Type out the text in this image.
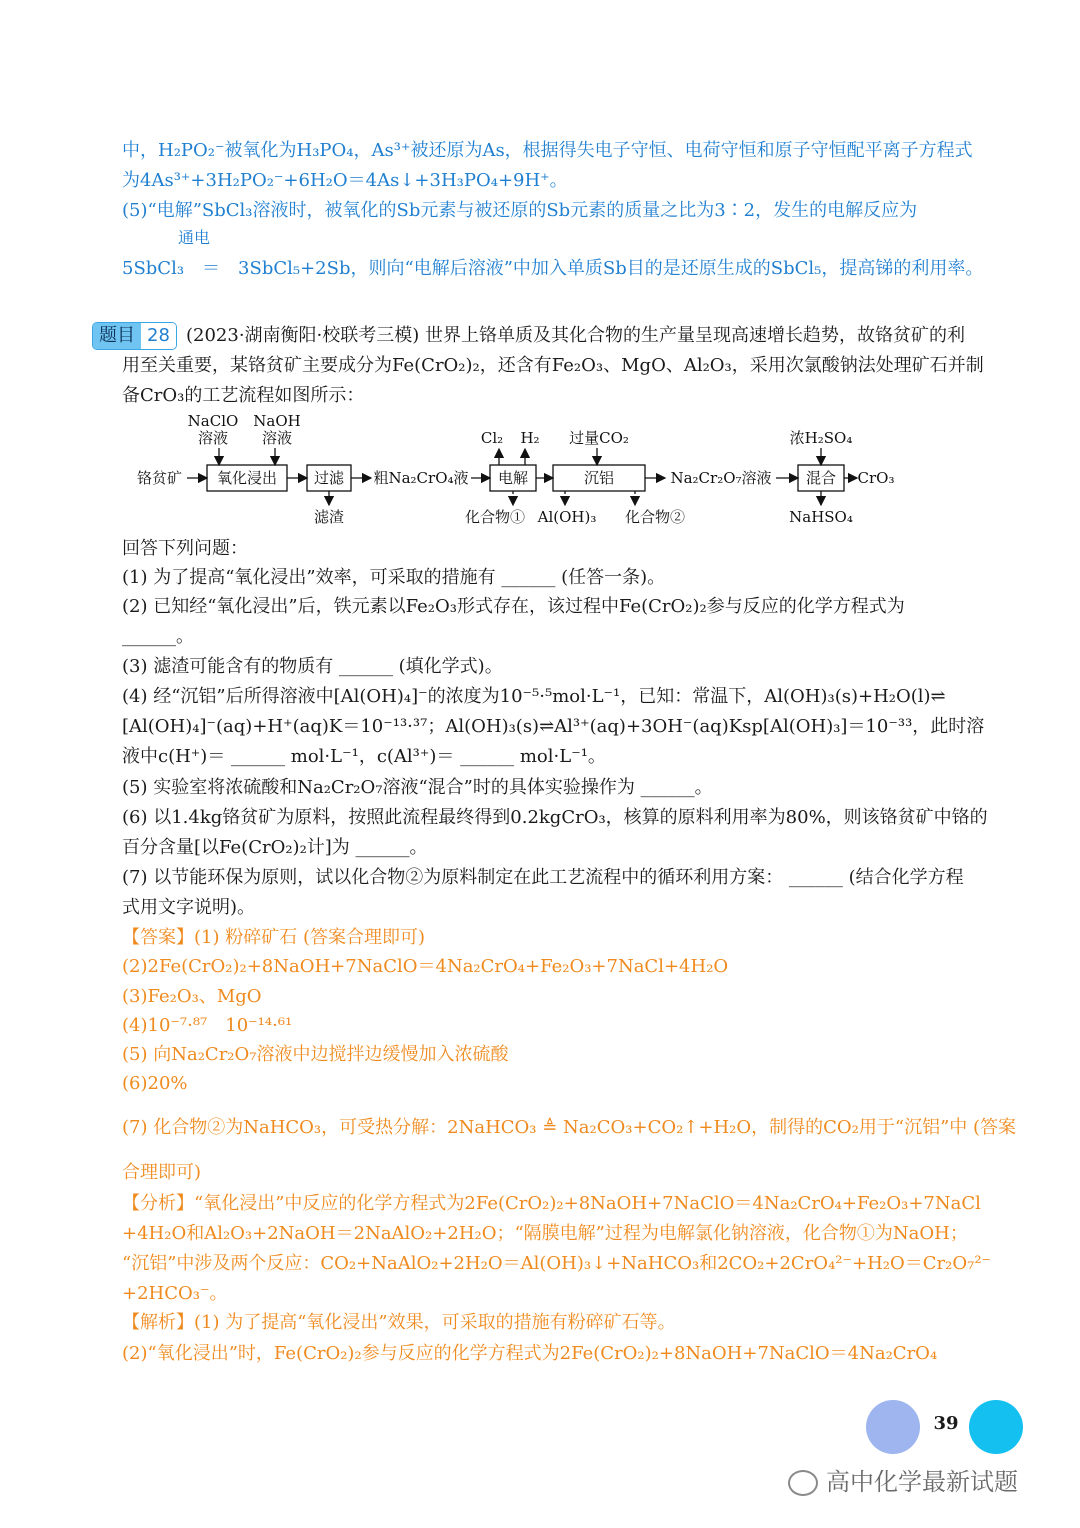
中，H₂PO₂⁻被氧化为H₃PO₄，As³⁺被还原为As，根据得失电子守恒、电荷守恒和原子守恒配平离子方程式
为4As³⁺+3H₂PO₂⁻+6H₂O＝4As↓+3H₃PO₄+9H⁺。
(5)“电解”SbCl₃溶液时，被氧化的Sb元素与被还原的Sb元素的质量之比为3∶2，发生的电解反应为
通电
5SbCl₃　＝　3SbCl₅+2Sb，则向“电解后溶液”中加入单质Sb目的是还原生成的SbCl₅，提高锑的利用率。
题目 28 (2023·湖南衡阳·校联考三模) 世界上铬单质及其化合物的生产量呈现高速增长趋势，故铬贫矿的利
用至关重要，某铬贫矿主要成分为Fe(CrO₂)₂，还含有Fe₂O₃、MgO、Al₂O₃，采用次氯酸钠法处理矿石并制
备CrO₃的工艺流程如图所示：
铬贫矿 氧化浸出 过滤	电解	沉铝	混合
NaClO
溶液
NaOH
溶液
滤渣
粗Na₂CrO₄液
Cl₂ H₂ 过量CO₂
化合物① Al(OH)₃ 化合物②
Na₂Cr₂O₇溶液
浓H₂SO₄
CrO₃
NaHSO₄
回答下列问题：
(1) 为了提高“氧化浸出”效率，可采取的措施有 ______ (任答一条)。
(2) 已知经“氧化浸出”后，铁元素以Fe₂O₃形式存在，该过程中Fe(CrO₂)₂参与反应的化学方程式为
______。
(3) 滤渣可能含有的物质有 ______ (填化学式)。
(4) 经“沉铝”后所得溶液中[Al(OH)₄]⁻的浓度为10⁻⁵·⁵mol·L⁻¹，已知：常温下，Al(OH)₃(s)+H₂O(l)⇌
[Al(OH)₄]⁻(aq)+H⁺(aq)K＝10⁻¹³·³⁷；Al(OH)₃(s)⇌Al³⁺(aq)+3OH⁻(aq)Ksp[Al(OH)₃]＝10⁻³³，此时溶
液中c(H⁺)＝ ______ mol·L⁻¹，c(Al³⁺)＝ ______ mol·L⁻¹。
(5) 实验室将浓硫酸和Na₂Cr₂O₇溶液“混合”时的具体实验操作为 ______。
(6) 以1.4kg铬贫矿为原料，按照此流程最终得到0.2kgCrO₃，核算的原料利用率为80%，则该铬贫矿中铬的
百分含量[以Fe(CrO₂)₂计]为 ______。
(7) 以节能环保为原则，试以化合物②为原料制定在此工艺流程中的循环利用方案： ______ (结合化学方程
式用文字说明)。
【答案】(1) 粉碎矿石 (答案合理即可)
(2)2Fe(CrO₂)₂+8NaOH+7NaClO＝4Na₂CrO₄+Fe₂O₃+7NaCl+4H₂O
(3)Fe₂O₃、MgO
(4)10⁻⁷·⁸⁷　10⁻¹⁴·⁶¹
(5) 向Na₂Cr₂O₇溶液中边搅拌边缓慢加入浓硫酸
(6)20%
(7) 化合物②为NaHCO₃，可受热分解：2NaHCO₃ ≜ Na₂CO₃+CO₂↑+H₂O，制得的CO₂用于“沉铝”中 (答案
合理即可)
【分析】“氧化浸出”中反应的化学方程式为2Fe(CrO₂)₂+8NaOH+7NaClO＝4Na₂CrO₄+Fe₂O₃+7NaCl
+4H₂O和Al₂O₃+2NaOH＝2NaAlO₂+2H₂O；“隔膜电解”过程为电解氯化钠溶液，化合物①为NaOH；
“沉铝”中涉及两个反应：CO₂+NaAlO₂+2H₂O＝Al(OH)₃↓+NaHCO₃和2CO₂+2CrO₄²⁻+H₂O＝Cr₂O₇²⁻
+2HCO₃⁻。
【解析】(1) 为了提高“氧化浸出”效果，可采取的措施有粉碎矿石等。
(2)“氧化浸出”时，Fe(CrO₂)₂参与反应的化学方程式为2Fe(CrO₂)₂+8NaOH+7NaClO＝4Na₂CrO₄
39
高中化学最新试题
